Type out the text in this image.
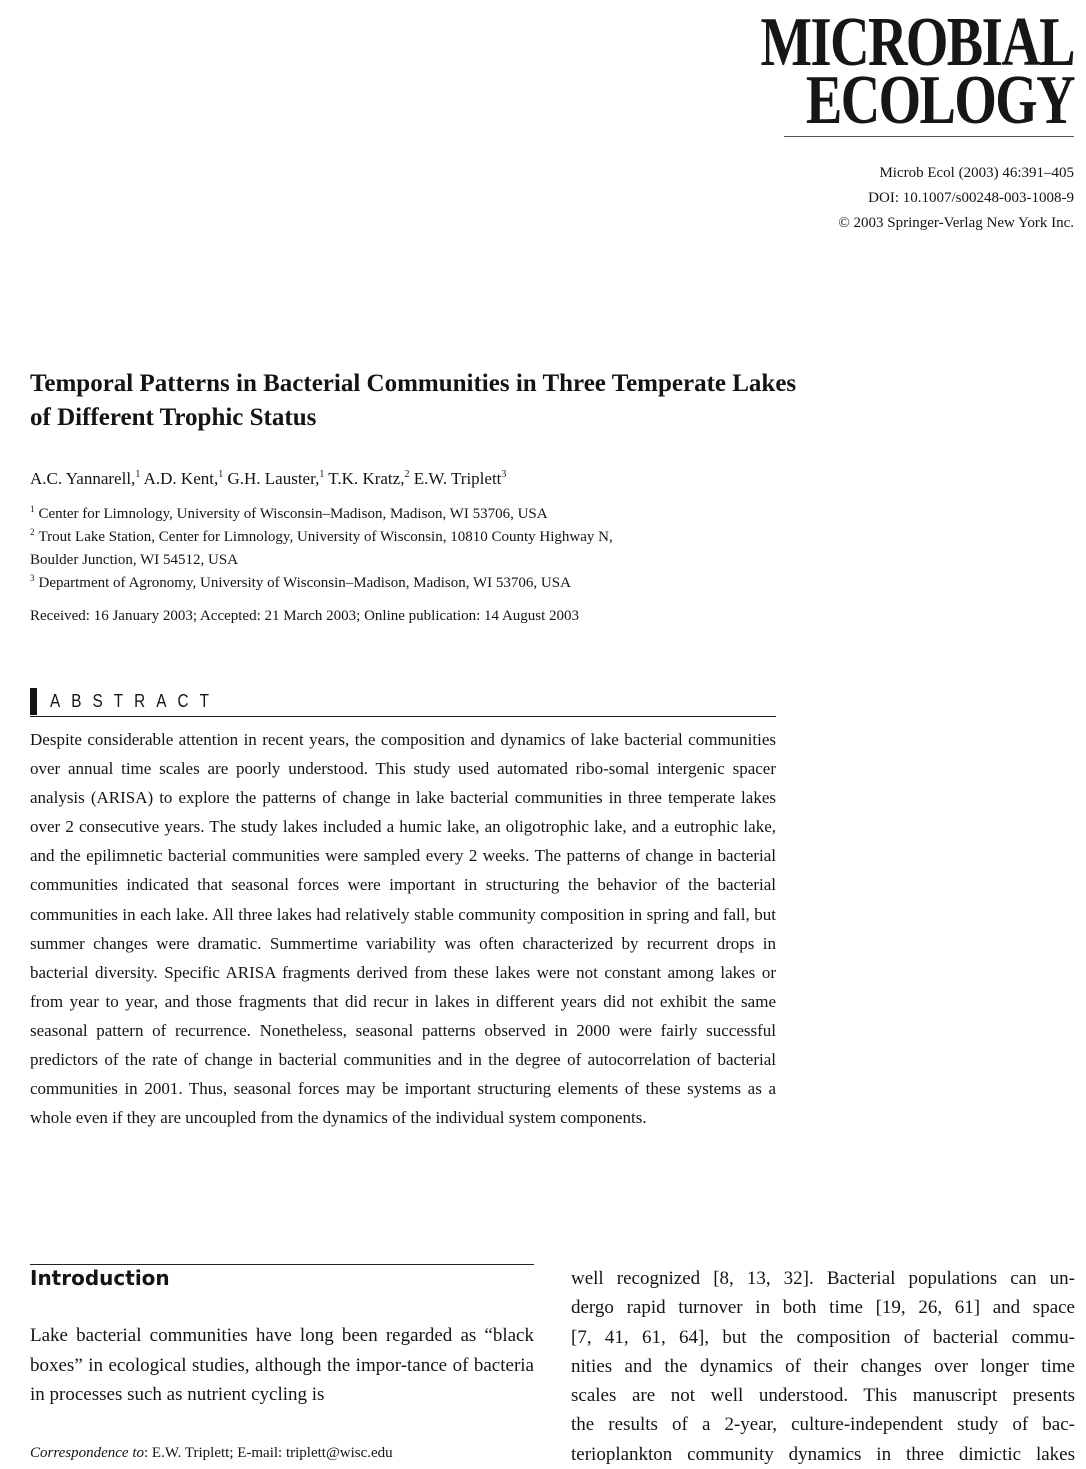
MICROBIAL
ECOLOGY
Microb Ecol (2003) 46:391–405
DOI: 10.1007/s00248-003-1008-9
© 2003 Springer-Verlag New York Inc.
Temporal Patterns in Bacterial Communities in Three Temperate Lakes of Different Trophic Status
A.C. Yannarell,$^1$ A.D. Kent,$^1$ G.H. Lauster,$^1$ T.K. Kratz,$^2$ E.W. Triplett$^3$
$^1$ Center for Limnology, University of Wisconsin–Madison, Madison, WI 53706, USA
$^2$ Trout Lake Station, Center for Limnology, University of Wisconsin, 10810 County Highway N,
Boulder Junction, WI 54512, USA
$^3$ Department of Agronomy, University of Wisconsin–Madison, Madison, WI 53706, USA
Received: 16 January 2003; Accepted: 21 March 2003; Online publication: 14 August 2003
ABSTRACT
Despite considerable attention in recent years, the composition and dynamics of lake bacterial communities over annual time scales are poorly understood. This study used automated ribo-somal intergenic spacer analysis (ARISA) to explore the patterns of change in lake bacterial communities in three temperate lakes over 2 consecutive years. The study lakes included a humic lake, an oligotrophic lake, and a eutrophic lake, and the epilimnetic bacterial communities were sampled every 2 weeks. The patterns of change in bacterial communities indicated that seasonal forces were important in structuring the behavior of the bacterial communities in each lake. All three lakes had relatively stable community composition in spring and fall, but summer changes were dramatic. Summertime variability was often characterized by recurrent drops in bacterial diversity. Specific ARISA fragments derived from these lakes were not constant among lakes or from year to year, and those fragments that did recur in lakes in different years did not exhibit the same seasonal pattern of recurrence. Nonetheless, seasonal patterns observed in 2000 were fairly successful predictors of the rate of change in bacterial communities and in the degree of autocorrelation of bacterial communities in 2001. Thus, seasonal forces may be important structuring elements of these systems as a whole even if they are uncoupled from the dynamics of the individual system components.
Introduction
Lake bacterial communities have long been regarded as “black boxes” in ecological studies, although the impor-tance of bacteria in processes such as nutrient cycling is
Correspondence to: E.W. Triplett; E-mail: triplett@wisc.edu
well recognized [8, 13, 32]. Bacterial populations can un-
dergo rapid turnover in both time [19, 26, 61] and space
[7, 41, 61, 64], but the composition of bacterial commu-
nities and the dynamics of their changes over longer time
scales are not well understood. This manuscript presents
the results of a 2-year, culture-independent study of bac-
terioplankton community dynamics in three dimictic lakes
